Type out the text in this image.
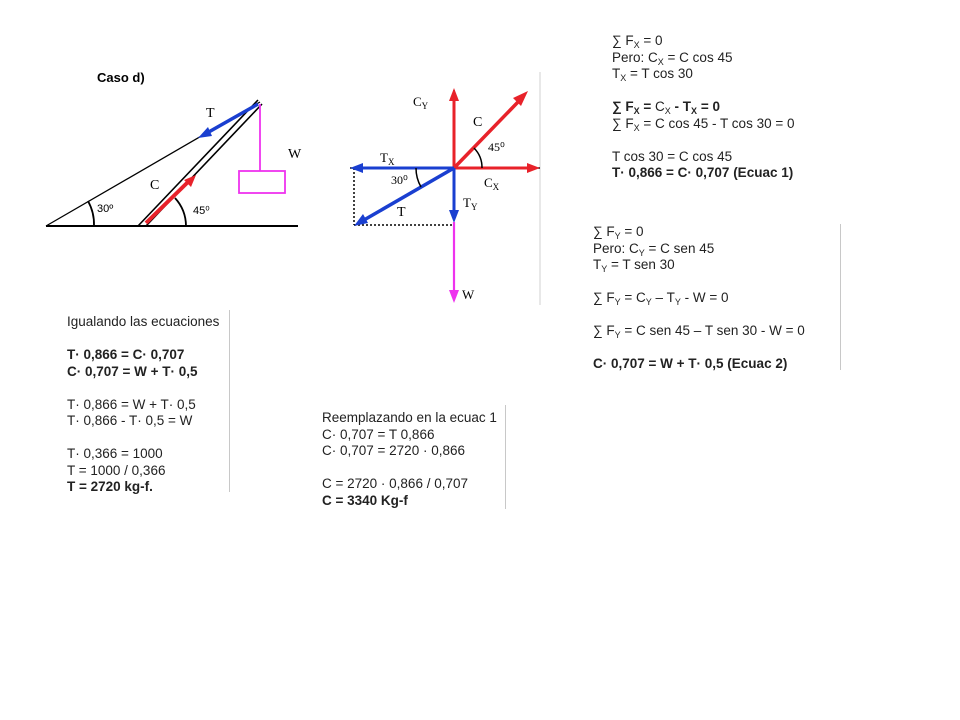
Caso d)
T
W
C
30º	45⁰
$C_Y$
C
45⁰
$T_X$
30⁰	$C_X$
T
$T_Y$
W
∑ $F_X = 0$
Pero: $C_X = C$ cos 45
$T_X = T$ cos 30
∑ $F_X = C_X - T_X = 0$
∑ $F_X = C$ cos 45 - T cos 30 = 0
T cos 30 = C cos 45
T· 0,866 = C· 0,707 (Ecuac 1)
∑ $F_Y = 0$
Pero: $C_Y = C$ sen 45
$T_Y = T$ sen 30
∑ $F_Y = C_Y - T_Y - W = 0$
∑ $F_Y = C$ sen 45 – T sen 30 - W = 0
C· 0,707 = W + T· 0,5 (Ecuac 2)
Igualando las ecuaciones
T· 0,866 = C· 0,707
C· 0,707 = W + T· 0,5
T· 0,866 = W + T· 0,5
T· 0,866 - T· 0,5 = W
T· 0,366 = 1000
T = 1000 / 0,366
T = 2720 kg-f.
Reemplazando en la ecuac 1
C· 0,707 = T 0,866
C· 0,707 = 2720 · 0,866
C = 2720 · 0,866 / 0,707
C = 3340 Kg-f
